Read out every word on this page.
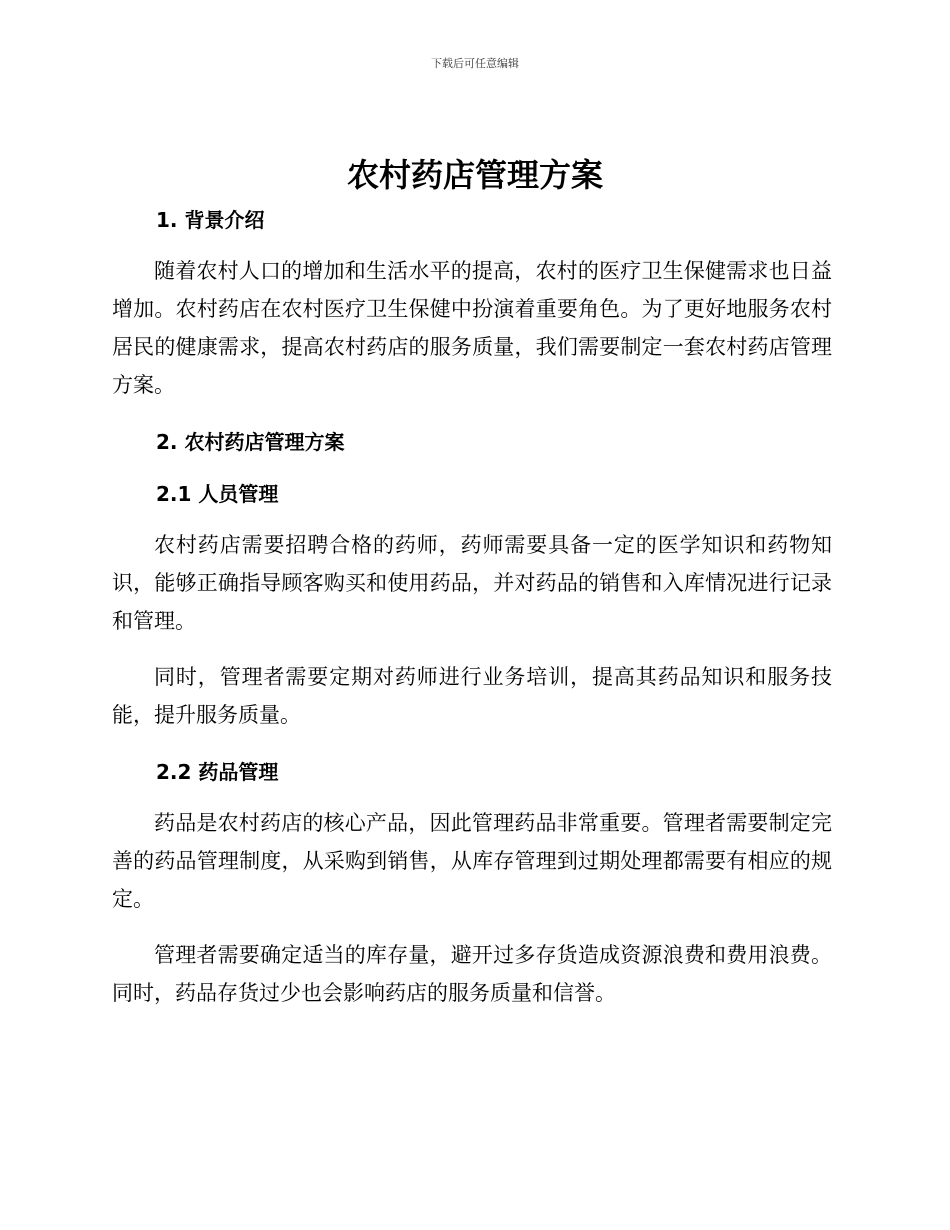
下载后可任意编辑
农村药店管理方案
1. 背景介绍

随着农村人口的增加和生活水平的提高，农村的医疗卫生保健需求也日益增加。农村药店在农村医疗卫生保健中扮演着重要角色。为了更好地服务农村居民的健康需求，提高农村药店的服务质量，我们需要制定一套农村药店管理方案。

2. 农村药店管理方案
2.1 人员管理

农村药店需要招聘合格的药师，药师需要具备一定的医学知识和药物知识，能够正确指导顾客购买和使用药品，并对药品的销售和入库情况进行记录和管理。

同时，管理者需要定期对药师进行业务培训，提高其药品知识和服务技能，提升服务质量。

2.2 药品管理

药品是农村药店的核心产品，因此管理药品非常重要。管理者需要制定完善的药品管理制度，从采购到销售，从库存管理到过期处理都需要有相应的规定。

管理者需要确定适当的库存量，避开过多存货造成资源浪费和费用浪费。同时，药品存货过少也会影响药店的服务质量和信誉。
